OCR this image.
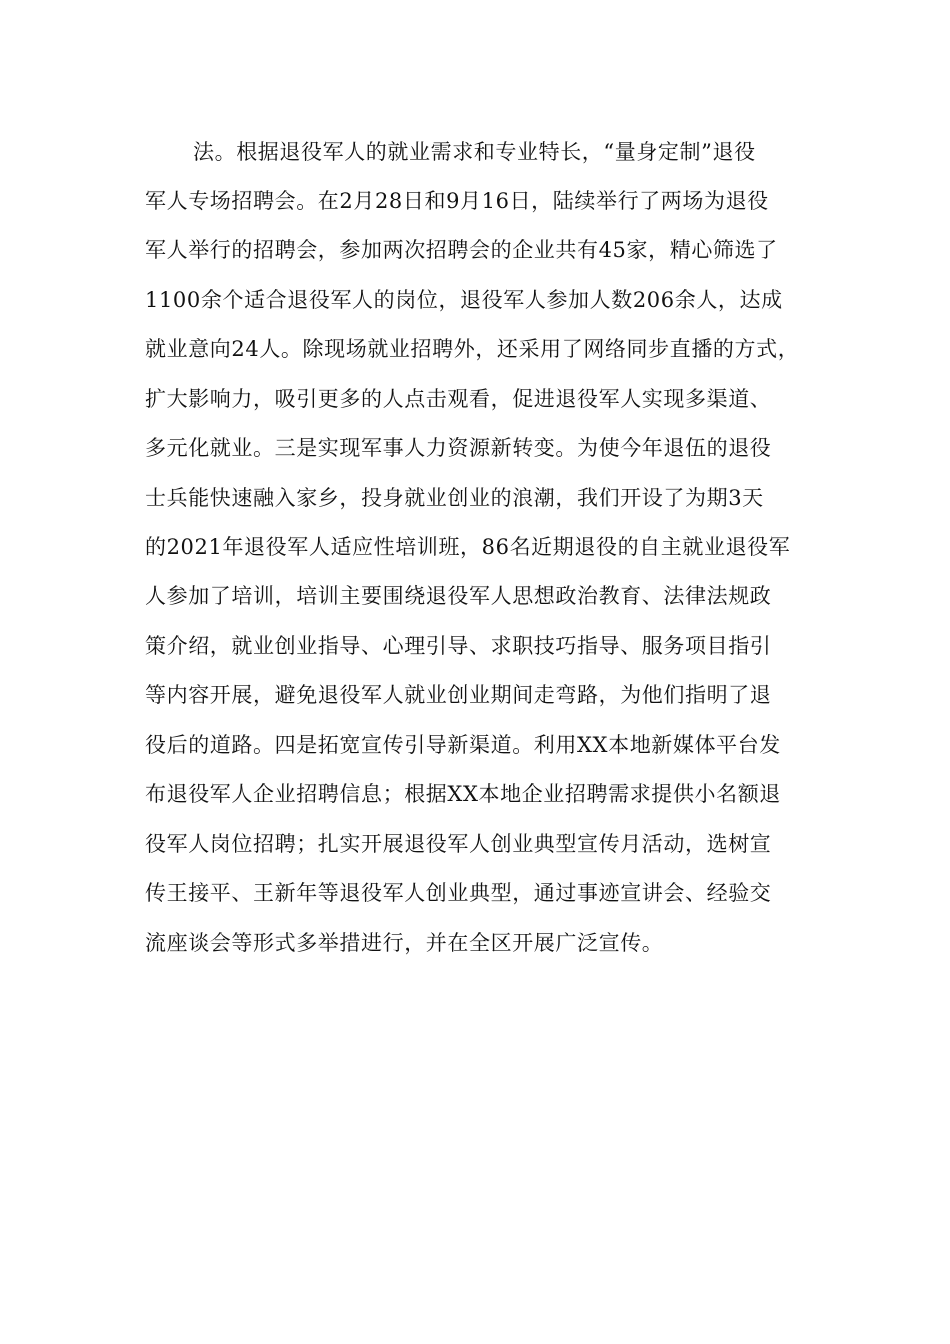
法。根据退役军人的就业需求和专业特长，“量身定制”退役
军人专场招聘会。在2月28日和9月16日，陆续举行了两场为退役
军人举行的招聘会，参加两次招聘会的企业共有45家，精心筛选了
1100余个适合退役军人的岗位，退役军人参加人数206余人，达成
就业意向24人。除现场就业招聘外，还采用了网络同步直播的方式，
扩大影响力，吸引更多的人点击观看，促进退役军人实现多渠道、
多元化就业。三是实现军事人力资源新转变。为使今年退伍的退役
士兵能快速融入家乡，投身就业创业的浪潮，我们开设了为期3天
的2021年退役军人适应性培训班，86名近期退役的自主就业退役军
人参加了培训，培训主要围绕退役军人思想政治教育、法律法规政
策介绍，就业创业指导、心理引导、求职技巧指导、服务项目指引
等内容开展，避免退役军人就业创业期间走弯路，为他们指明了退
役后的道路。四是拓宽宣传引导新渠道。利用XX本地新媒体平台发
布退役军人企业招聘信息；根据XX本地企业招聘需求提供小名额退
役军人岗位招聘；扎实开展退役军人创业典型宣传月活动，选树宣
传王接平、王新年等退役军人创业典型，通过事迹宣讲会、经验交
流座谈会等形式多举措进行，并在全区开展广泛宣传。
